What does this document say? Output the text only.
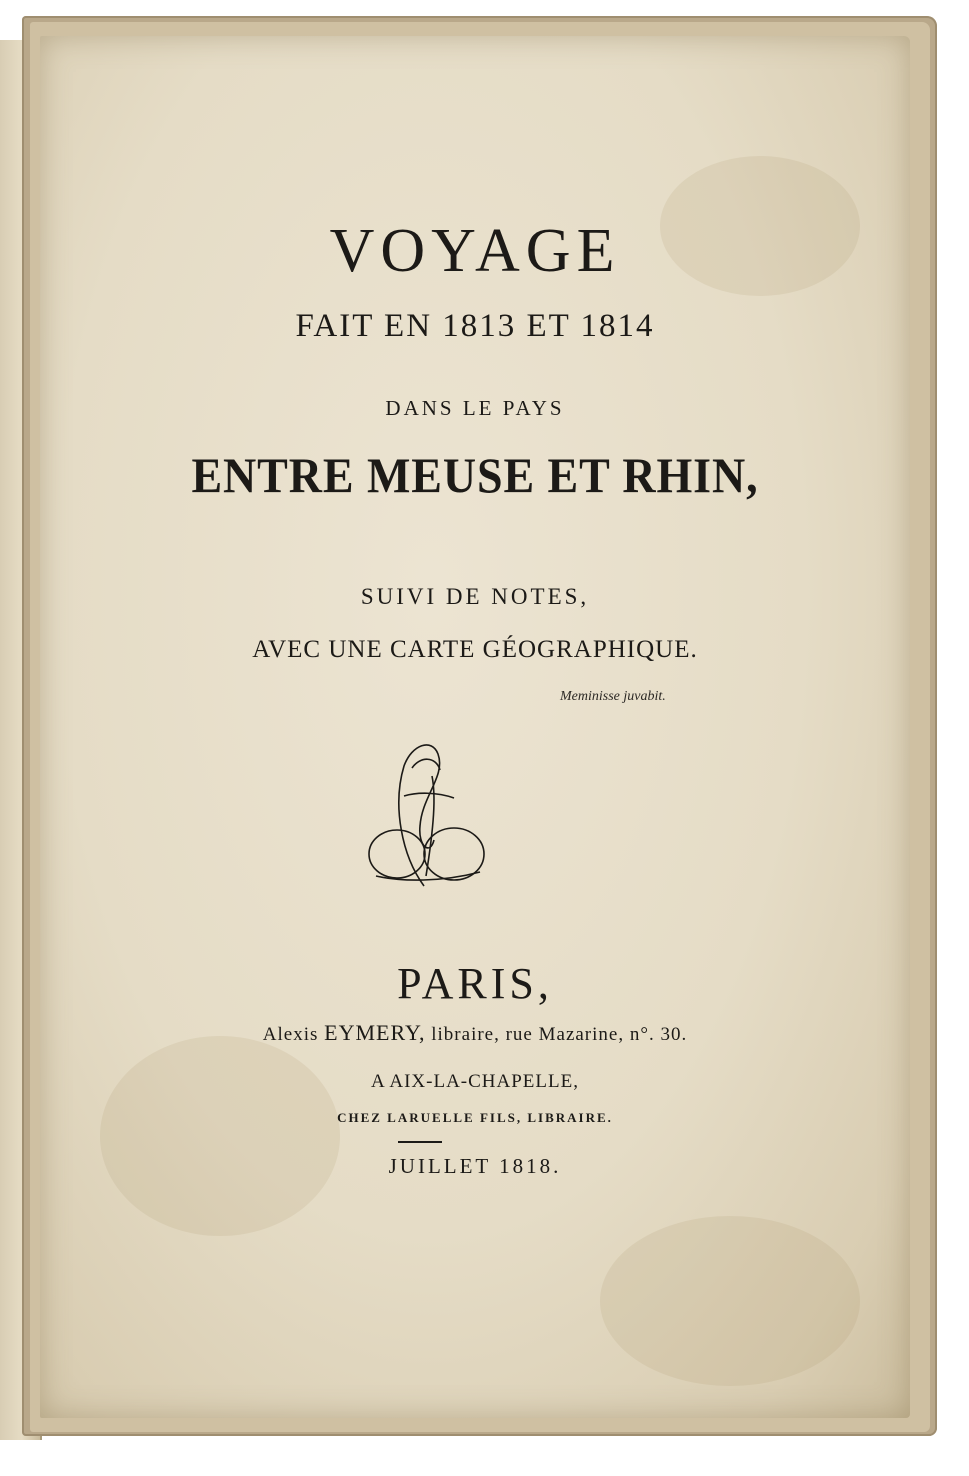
VOYAGE
FAIT EN 1813 ET 1814
DANS LE PAYS
ENTRE MEUSE ET RHIN,
SUIVI DE NOTES,
AVEC UNE CARTE GÉOGRAPHIQUE.
Meminisse juvabit.
PARIS,
Alexis EYMERY, libraire, rue Mazarine, n°. 30.
A AIX-LA-CHAPELLE,
CHEZ LARUELLE FILS, LIBRAIRE.
JUILLET 1818.
